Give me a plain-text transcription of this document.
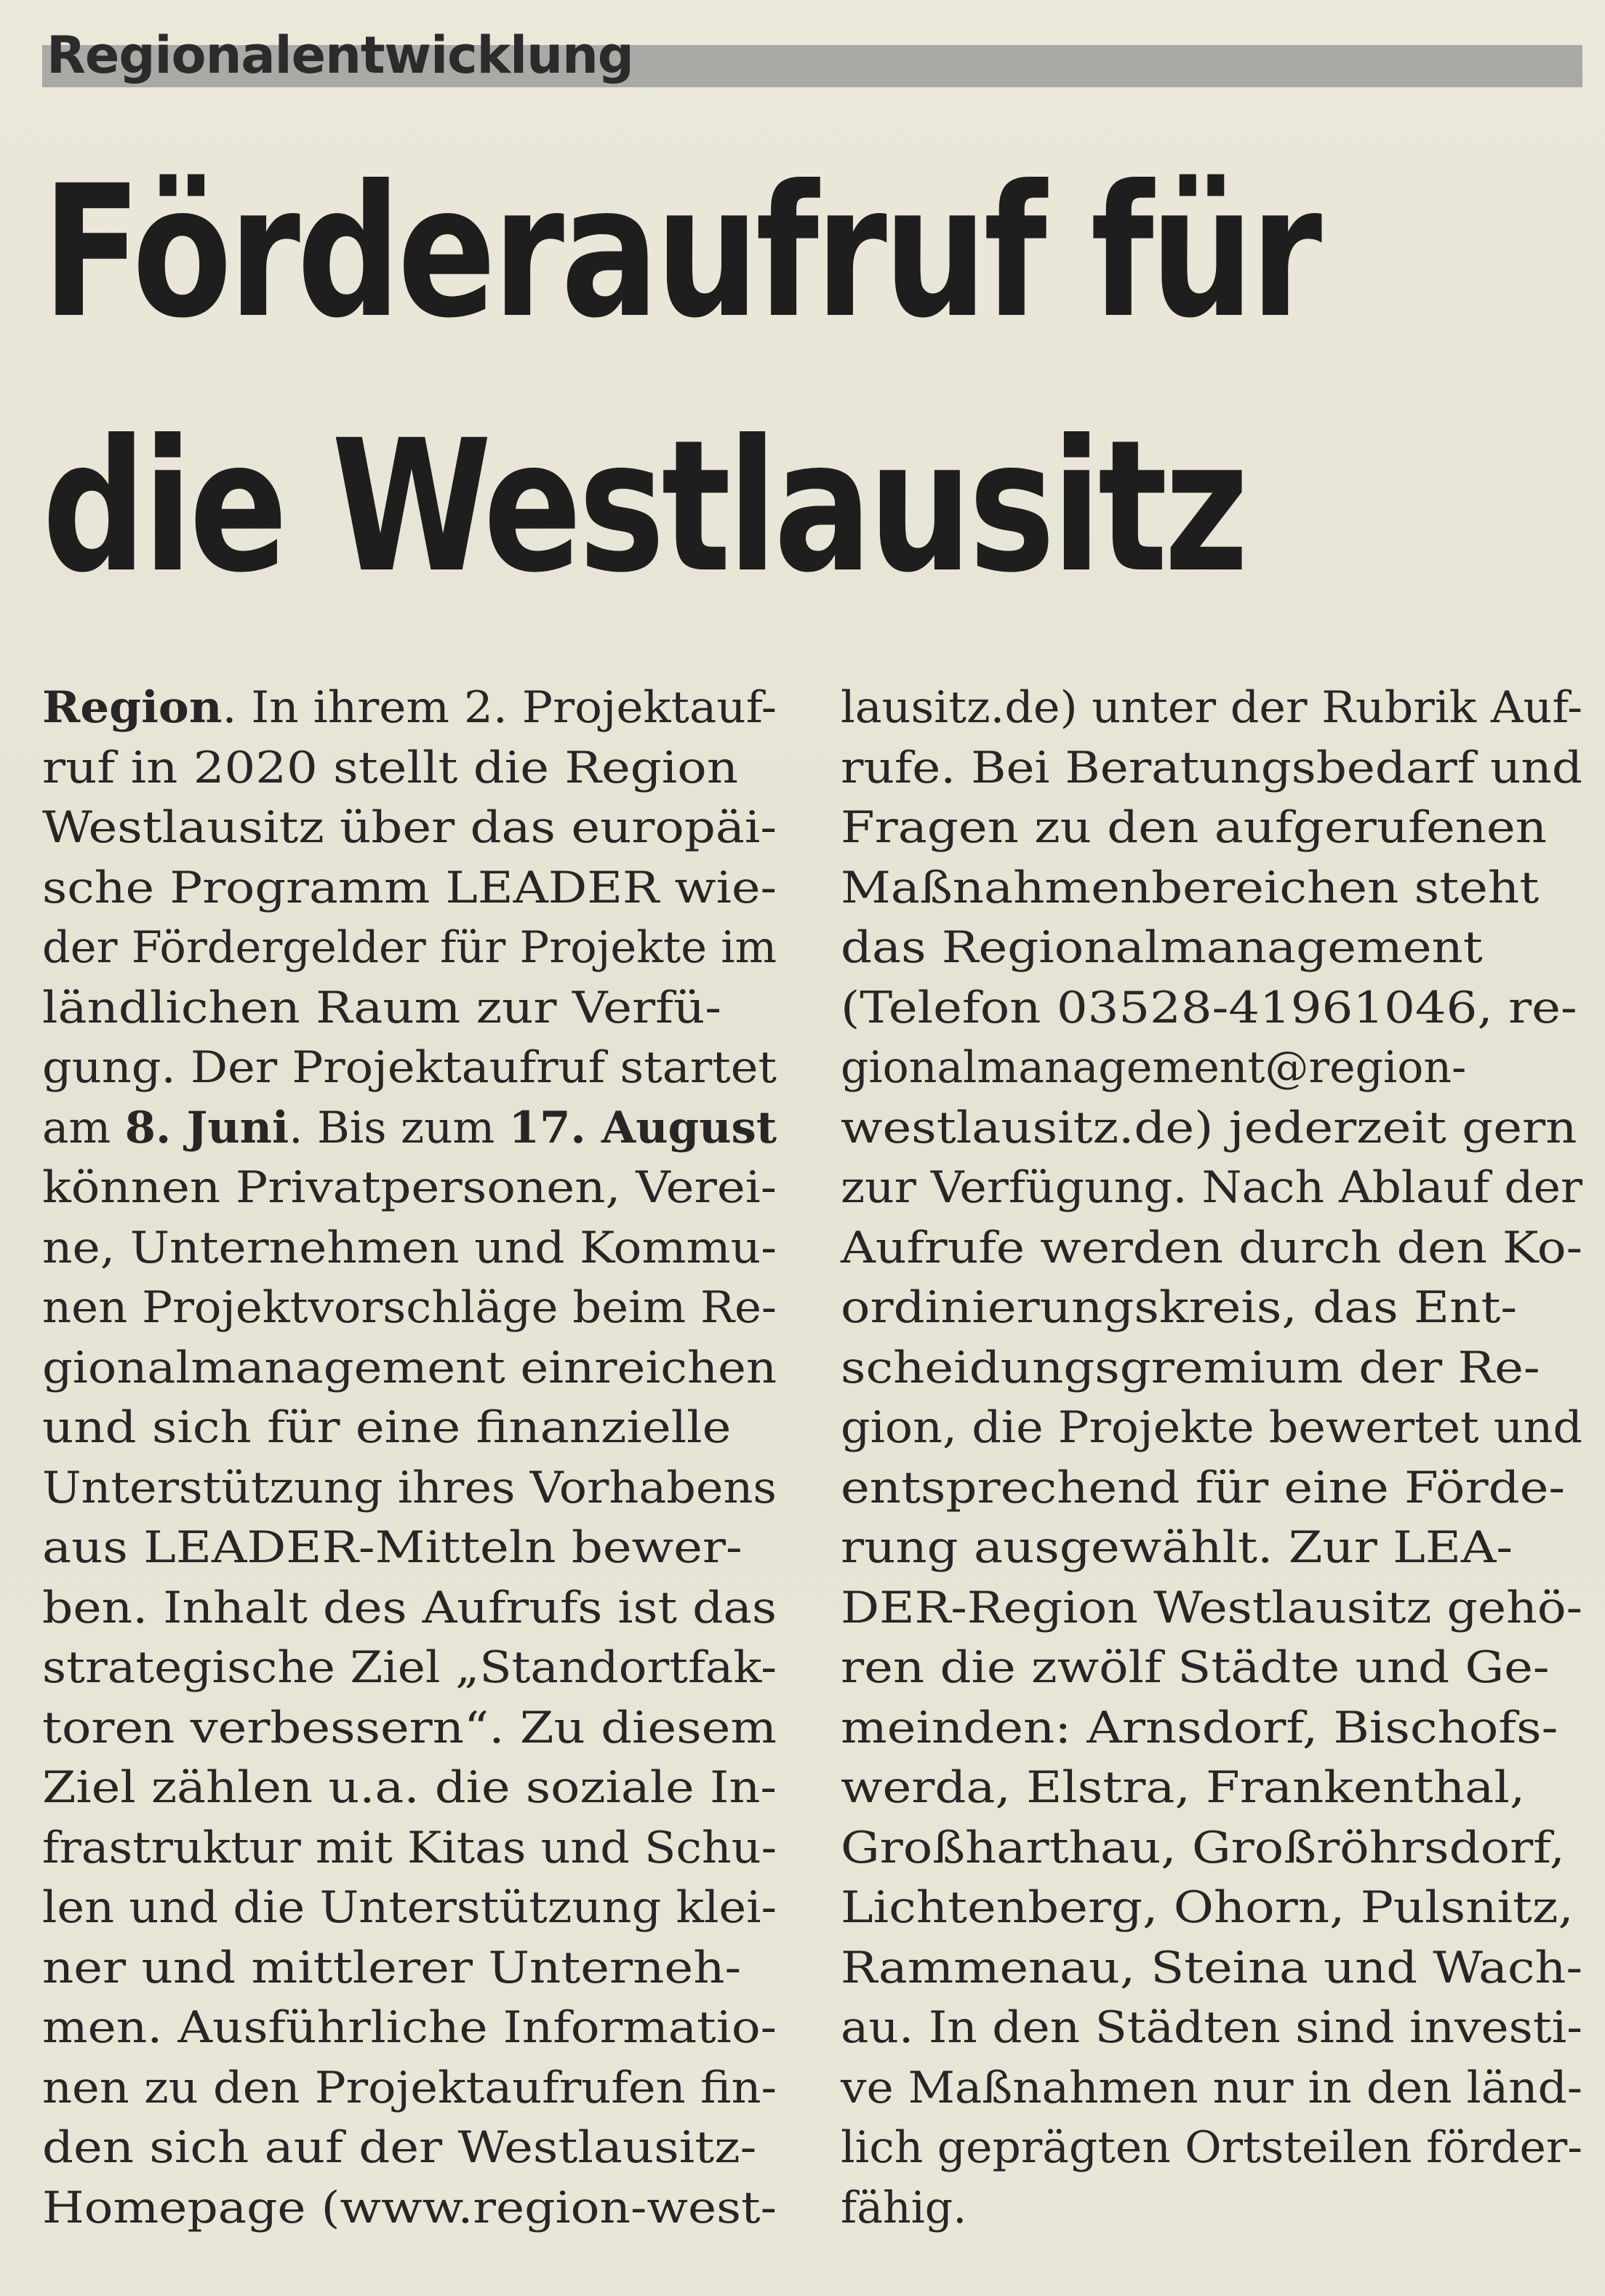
Regionalentwicklung
Förderaufruf für
die Westlausitz
Region. In ihrem 2. Projektauf-
ruf in 2020 stellt die Region
Westlausitz über das europäi-
sche Programm LEADER wie-
der Fördergelder für Projekte im
ländlichen Raum zur Verfü-
gung. Der Projektaufruf startet
am 8. Juni. Bis zum 17. August
können Privatpersonen, Verei-
ne, Unternehmen und Kommu-
nen Projektvorschläge beim Re-
gionalmanagement einreichen
und sich für eine finanzielle
Unterstützung ihres Vorhabens
aus LEADER-Mitteln bewer-
ben. Inhalt des Aufrufs ist das
strategische Ziel „Standortfak-
toren verbessern“. Zu diesem
Ziel zählen u.a. die soziale In-
frastruktur mit Kitas und Schu-
len und die Unterstützung klei-
ner und mittlerer Unterneh-
men. Ausführliche Informatio-
nen zu den Projektaufrufen fin-
den sich auf der Westlausitz-
Homepage (www.region-west-
lausitz.de) unter der Rubrik Auf-
rufe. Bei Beratungsbedarf und
Fragen zu den aufgerufenen
Maßnahmenbereichen steht
das Regionalmanagement
(Telefon 03528-41961046, re-
gionalmanagement@region-
westlausitz.de) jederzeit gern
zur Verfügung. Nach Ablauf der
Aufrufe werden durch den Ko-
ordinierungskreis, das Ent-
scheidungsgremium der Re-
gion, die Projekte bewertet und
entsprechend für eine Förde-
rung ausgewählt. Zur LEA-
DER-Region Westlausitz gehö-
ren die zwölf Städte und Ge-
meinden: Arnsdorf, Bischofs-
werda, Elstra, Frankenthal,
Großharthau, Großröhrsdorf,
Lichtenberg, Ohorn, Pulsnitz,
Rammenau, Steina und Wach-
au. In den Städten sind investi-
ve Maßnahmen nur in den länd-
lich geprägten Ortsteilen förder-
fähig.
